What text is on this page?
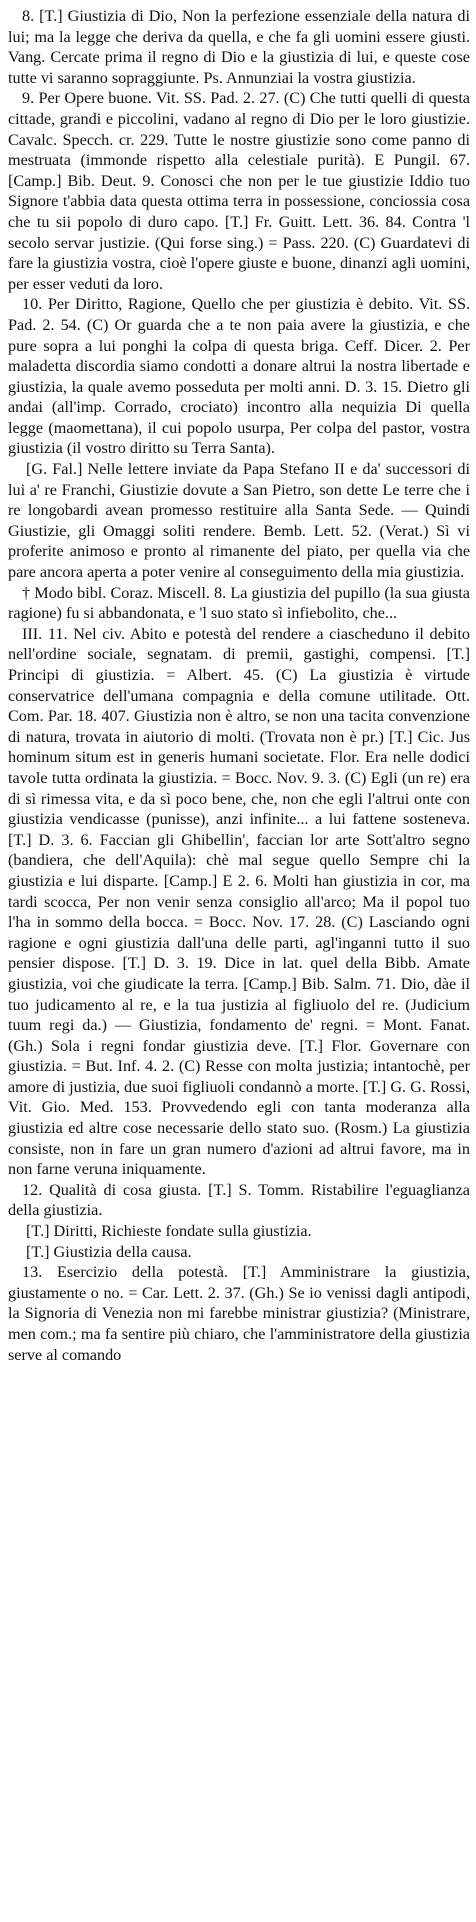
8. [T.] Giustizia di Dio, Non la perfezione essenziale della natura di lui; ma la legge che deriva da quella, e che fa gli uomini essere giusti. Vang. Cercate prima il regno di Dio e la giustizia di lui, e queste cose tutte vi saranno sopraggiunte. Ps. Annunziai la vostra giustizia.

9. Per Opere buone. Vit. SS. Pad. 2. 27. (C) Che tutti quelli di questa cittade, grandi e piccolini, vadano al regno di Dio per le loro giustizie. Cavalc. Specch. cr. 229. Tutte le nostre giustizie sono come panno di mestruata (immonde rispetto alla celestiale purità). E Pungil. 67. [Camp.] Bib. Deut. 9. Conosci che non per le tue giustizie Iddio tuo Signore t'abbia data questa ottima terra in possessione, conciossia cosa che tu sii popolo di duro capo. [T.] Fr. Guitt. Lett. 36. 84. Contra 'l secolo servar justizie. (Qui forse sing.) = Pass. 220. (C) Guardatevi di fare la giustizia vostra, cioè l'opere giuste e buone, dinanzi agli uomini, per esser veduti da loro.

10. Per Diritto, Ragione, Quello che per giustizia è debito. Vit. SS. Pad. 2. 54. (C) Or guarda che a te non paia avere la giustizia, e che pure sopra a lui ponghi la colpa di questa briga. Ceff. Dicer. 2. Per maladetta discordia siamo condotti a donare altrui la nostra libertade e giustizia, la quale avemo posseduta per molti anni. D. 3. 15. Dietro gli andai (all'imp. Corrado, crociato) incontro alla nequizia Di quella legge (maomettana), il cui popolo usurpa, Per colpa del pastor, vostra giustizia (il vostro diritto su Terra Santa).

[G. Fal.] Nelle lettere inviate da Papa Stefano II e da' successori di lui a' re Franchi, Giustizie dovute a San Pietro, son dette Le terre che i re longobardi avean promesso restituire alla Santa Sede. — Quindi Giustizie, gli Omaggi soliti rendere. Bemb. Lett. 52. (Verat.) Sì vi proferite animoso e pronto al rimanente del piato, per quella via che pare ancora aperta a poter venire al conseguimento della mia giustizia.

† Modo bibl. Coraz. Miscell. 8. La giustizia del pupillo (la sua giusta ragione) fu si abbandonata, e 'l suo stato sì infiebolito, che...

III. 11. Nel civ. Abito e potestà del rendere a ciascheduno il debito nell'ordine sociale, segnatam. di premii, gastighi, compensi. [T.] Principi di giustizia. = Albert. 45. (C) La giustizia è virtude conservatrice dell'umana compagnia e della comune utilitade. Ott. Com. Par. 18. 407. Giustizia non è altro, se non una tacita convenzione di natura, trovata in aiutorio di molti. (Trovata non è pr.) [T.] Cic. Jus hominum situm est in generis humani societate. Flor. Era nelle dodici tavole tutta ordinata la giustizia. = Bocc. Nov. 9. 3. (C) Egli (un re) era di sì rimessa vita, e da sì poco bene, che, non che egli l'altrui onte con giustizia vendicasse (punisse), anzi infinite... a lui fattene sosteneva. [T.] D. 3. 6. Faccian gli Ghibellin', faccian lor arte Sott'altro segno (bandiera, che dell'Aquila): chè mal segue quello Sempre chi la giustizia e lui disparte. [Camp.] E 2. 6. Molti han giustizia in cor, ma tardi scocca, Per non venir senza consiglio all'arco; Ma il popol tuo l'ha in sommo della bocca. = Bocc. Nov. 17. 28. (C) Lasciando ogni ragione e ogni giustizia dall'una delle parti, agl'inganni tutto il suo pensier dispose. [T.] D. 3. 19. Dice in lat. quel della Bibb. Amate giustizia, voi che giudicate la terra. [Camp.] Bib. Salm. 71. Dio, dàe il tuo judicamento al re, e la tua justizia al figliuolo del re. (Judicium tuum regi da.) — Giustizia, fondamento de' regni. = Mont. Fanat. (Gh.) Sola i regni fondar giustizia deve. [T.] Flor. Governare con giustizia. = But. Inf. 4. 2. (C) Resse con molta justizia; intantochè, per amore di justizia, due suoi figliuoli condannò a morte. [T.] G. G. Rossi, Vit. Gio. Med. 153. Provvedendo egli con tanta moderanza alla giustizia ed altre cose necessarie dello stato suo. (Rosm.) La giustizia consiste, non in fare un gran numero d'azioni ad altrui favore, ma in non farne veruna iniquamente.

12. Qualità di cosa giusta. [T.] S. Tomm. Ristabilire l'eguaglianza della giustizia.

[T.] Diritti, Richieste fondate sulla giustizia.

[T.] Giustizia della causa.

13. Esercizio della potestà. [T.] Amministrare la giustizia, giustamente o no. = Car. Lett. 2. 37. (Gh.) Se io venissi dagli antipodi, la Signoria di Venezia non mi farebbe ministrar giustizia? (Ministrare, men com.; ma fa sentire più chiaro, che l'amministratore della giustizia serve al comando
